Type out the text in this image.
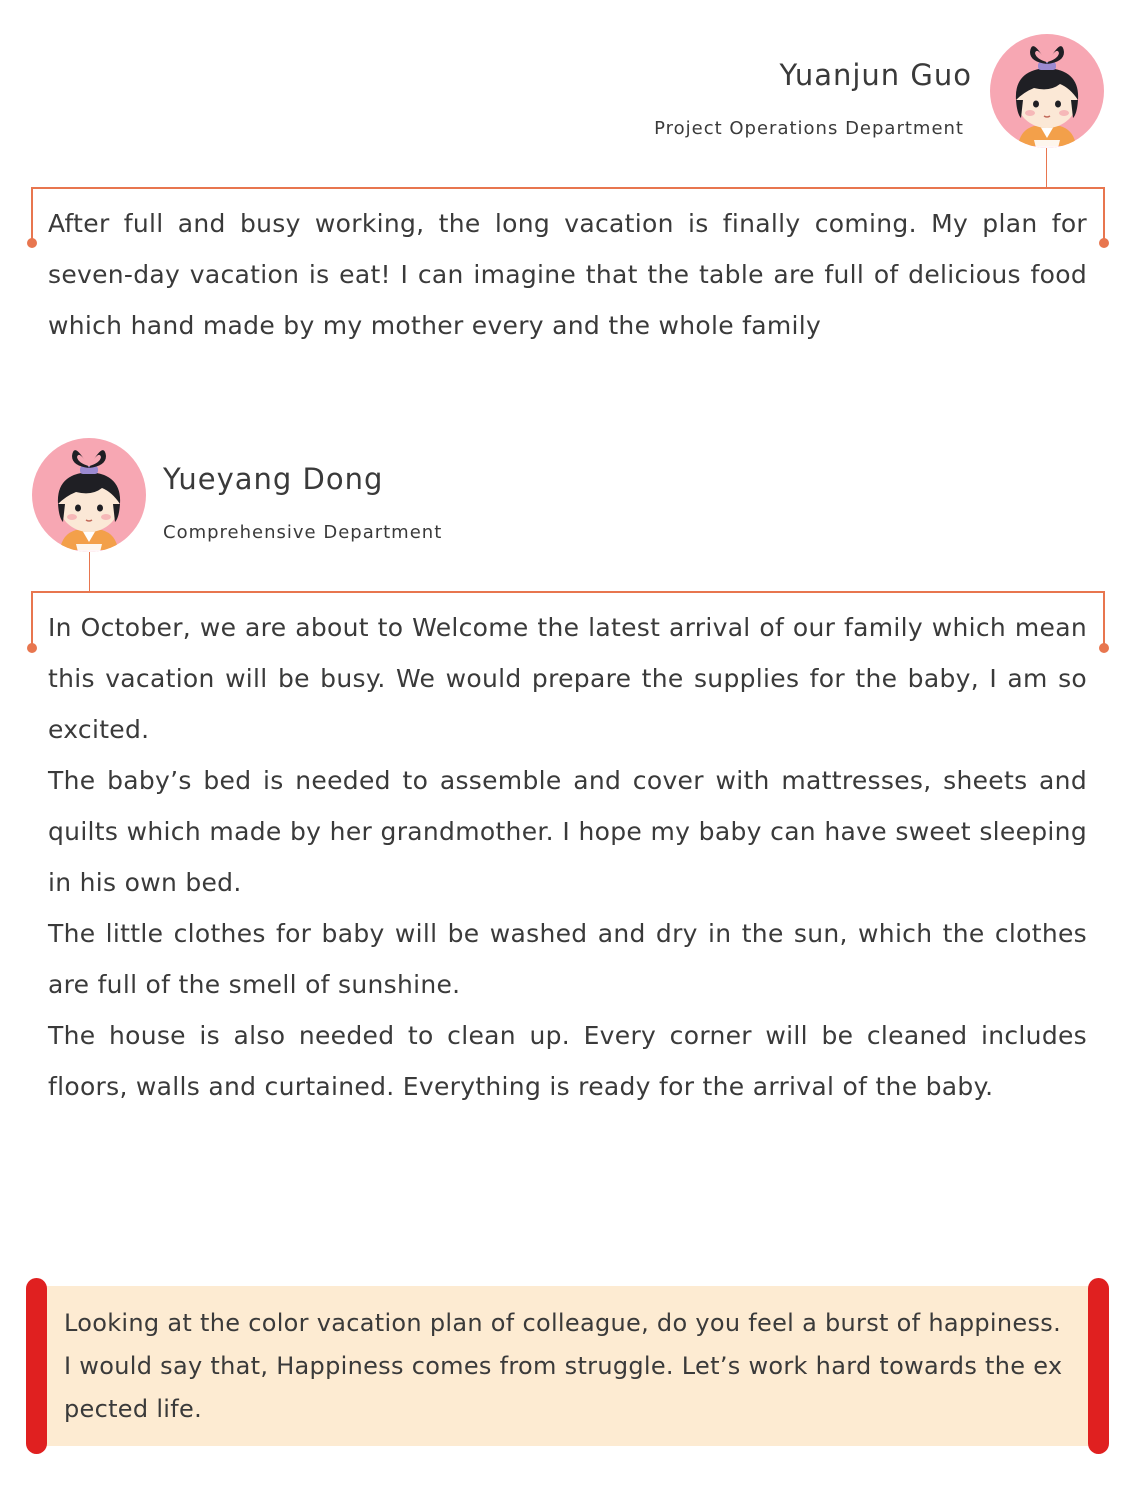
Yuanjun Guo
Project Operations Department

After full and busy working, the long vacation is finally coming. My plan for seven-day vacation is eat! I can imagine that the table are full of delicious food which hand made by my mother every and the whole family

Yueyang Dong
Comprehensive Department

In October, we are about to Welcome the latest arrival of our family which mean this vacation will be busy. We would prepare the supplies for the baby, I am so excited.

The baby’s bed is needed to assemble and cover with mattresses, sheets and quilts which made by her grandmother. I hope my baby can have sweet sleeping in his own bed.

The little clothes for baby will be washed and dry in the sun, which the clothes are full of the smell of sunshine.

The house is also needed to clean up. Every corner will be cleaned includes floors, walls and curtained. Everything is ready for the arrival of the baby.

Looking at the color vacation plan of colleague, do you feel a burst of happiness. I would say that, Happiness comes from struggle. Let’s work hard towards the expected life.
